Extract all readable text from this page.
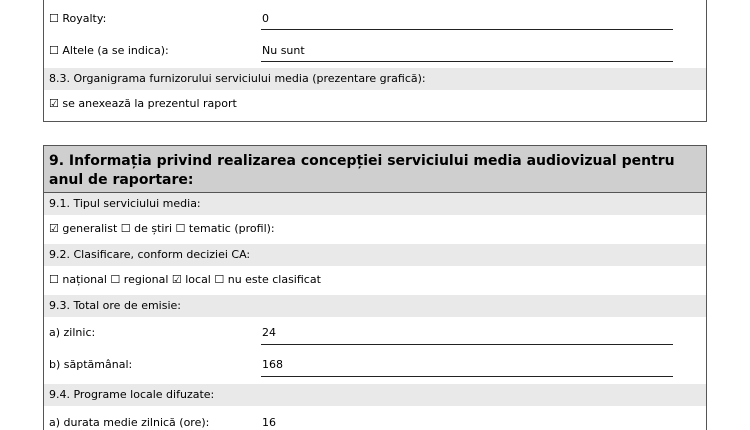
☐ Royalty:	0
☐ Altele (a se indica):	Nu sunt
8.3. Organigrama furnizorului serviciului media (prezentare grafică):
☑ se anexează la prezentul raport
9. Informația privind realizarea concepției serviciului media audiovizual pentru anul de raportare:
9.1. Tipul serviciului media:
☑ generalist ☐ de știri ☐ tematic (profil):
9.2. Clasificare, conform deciziei CA:
☐ național ☐ regional ☑ local ☐ nu este clasificat
9.3. Total ore de emisie:
a) zilnic:	24
b) săptămânal:	168
9.4. Programe locale difuzate:
a) durata medie zilnică (ore):	16
